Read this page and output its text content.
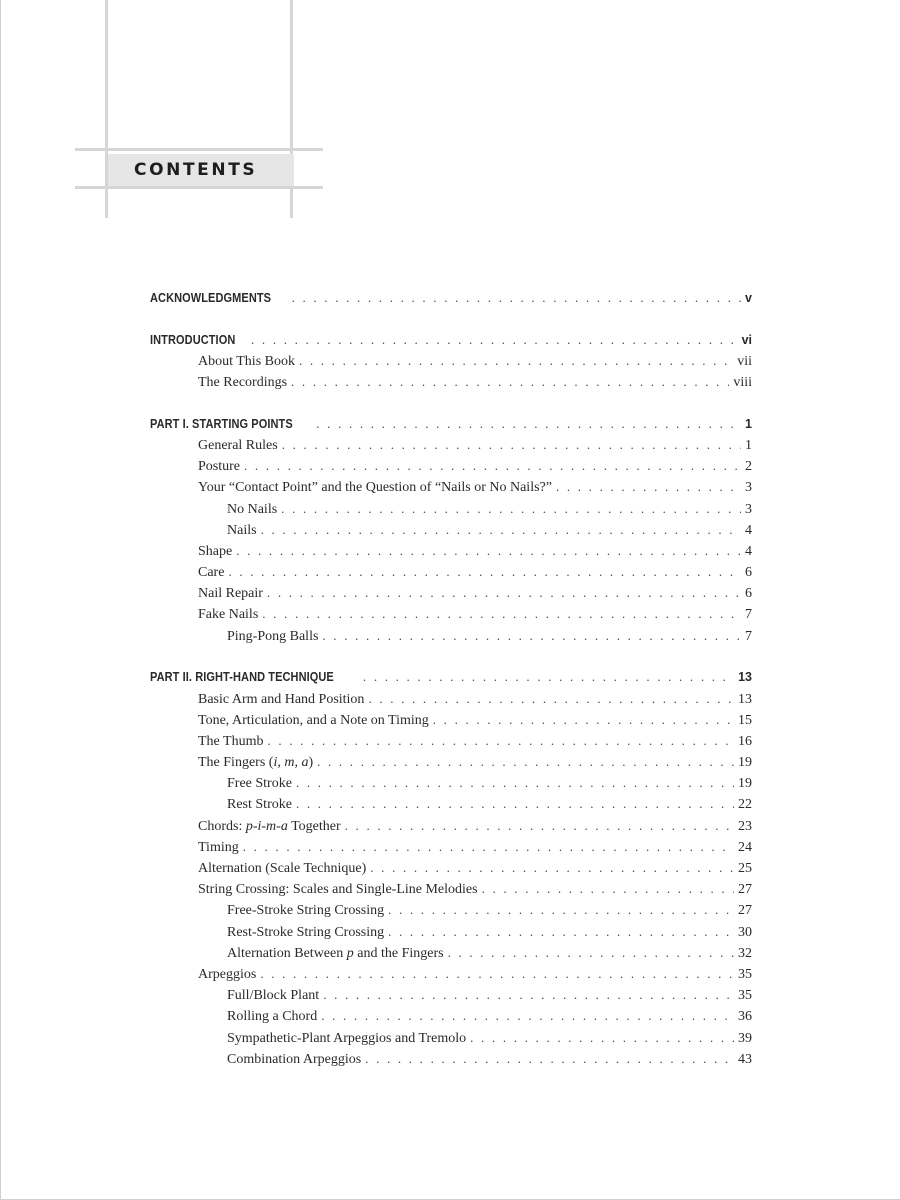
CONTENTS
ACKNOWLEDGMENTS . . .	v
INTRODUCTION . . .	vi
About This Book . . .	vii
The Recordings . . .	viii
PART I. STARTING POINTS . . .	1
General Rules . . .	1
Posture . . .	2
Your “Contact Point” and the Question of “Nails or No Nails?” . . .	3
No Nails . . .	3
Nails . . .	4
Shape . . .	4
Care . . .	6
Nail Repair . . .	6
Fake Nails . . .	7
Ping-Pong Balls . . .	7
PART II. RIGHT-HAND TECHNIQUE . . .	13
Basic Arm and Hand Position . . .	13
Tone, Articulation, and a Note on Timing . . .	15
The Thumb . . .	16
The Fingers (i, m, a) . . .	19
Free Stroke . . .	19
Rest Stroke . . .	22
Chords: p-i-m-a Together . . .	23
Timing . . .	24
Alternation (Scale Technique) . . .	25
String Crossing: Scales and Single-Line Melodies . . .	27
Free-Stroke String Crossing . . .	27
Rest-Stroke String Crossing . . .	30
Alternation Between p and the Fingers . . .	32
Arpeggios . . .	35
Full/Block Plant . . .	35
Rolling a Chord . . .	36
Sympathetic-Plant Arpeggios and Tremolo . . .	39
Combination Arpeggios . . .	43
